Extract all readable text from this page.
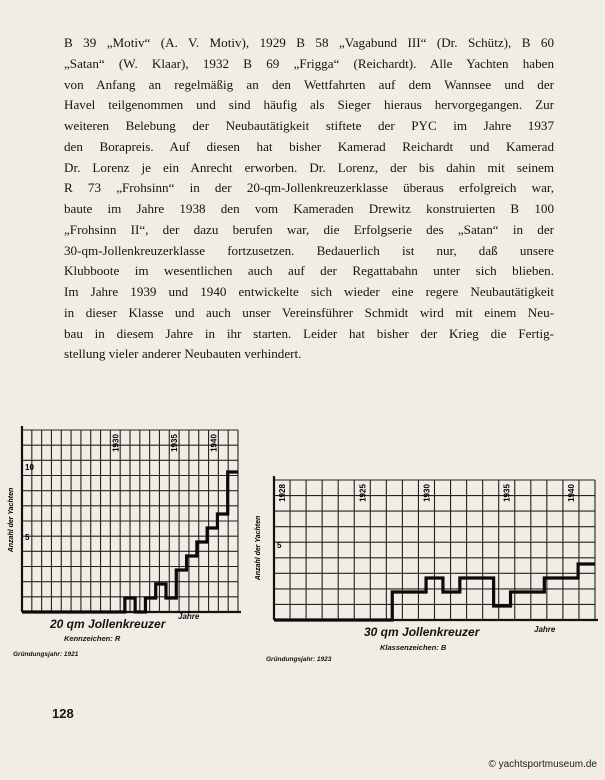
B 39 „Motiv“ (A. V. Motiv), 1929 B 58 „Vagabund III“ (Dr. Schütz), B 60
„Satan“ (W. Klaar), 1932 B 69 „Frigga“ (Reichardt). Alle Yachten haben
von Anfang an regelmäßig an den Wettfahrten auf dem Wannsee und der
Havel teilgenommen und sind häufig als Sieger hieraus hervorgegangen. Zur
weiteren Belebung der Neubautätigkeit stiftete der PYC im Jahre 1937
den Borapreis. Auf diesen hat bisher Kamerad Reichardt und Kamerad
Dr. Lorenz je ein Anrecht erworben. Dr. Lorenz, der bis dahin mit seinem
R 73 „Frohsinn“ in der 20-qm-Jollenkreuzerklasse überaus erfolgreich war,
baute im Jahre 1938 den vom Kameraden Drewitz konstruierten B 100
„Frohsinn II“, der dazu berufen war, die Erfolgserie des „Satan“ in der
30-qm-Jollenkreuzerklasse fortzusetzen. Bedauerlich ist nur, daß unsere
Klubboote im wesentlichen auch auf der Regattabahn unter sich blieben.
Im Jahre 1939 und 1940 entwickelte sich wieder eine regere Neubautätigkeit
in dieser Klasse und auch unser Vereinsführer Schmidt wird mit einem Neu-
bau in diesem Jahre in ihr starten. Leider hat bisher der Krieg die Fertig-
stellung vieler anderer Neubauten verhindert.
1930	1935	1940
5
10
Anzahl der Yachten
20 qm Jollenkreuzer
Jahre
Kennzeichen: R
Gründungsjahr: 1921
1928	1925	1930	1935	1940
5
Anzahl der Yachten
30 qm Jollenkreuzer	Jahre
Klassenzeichen: B
Gründungsjahr: 1923
128
© yachtsportmuseum.de
